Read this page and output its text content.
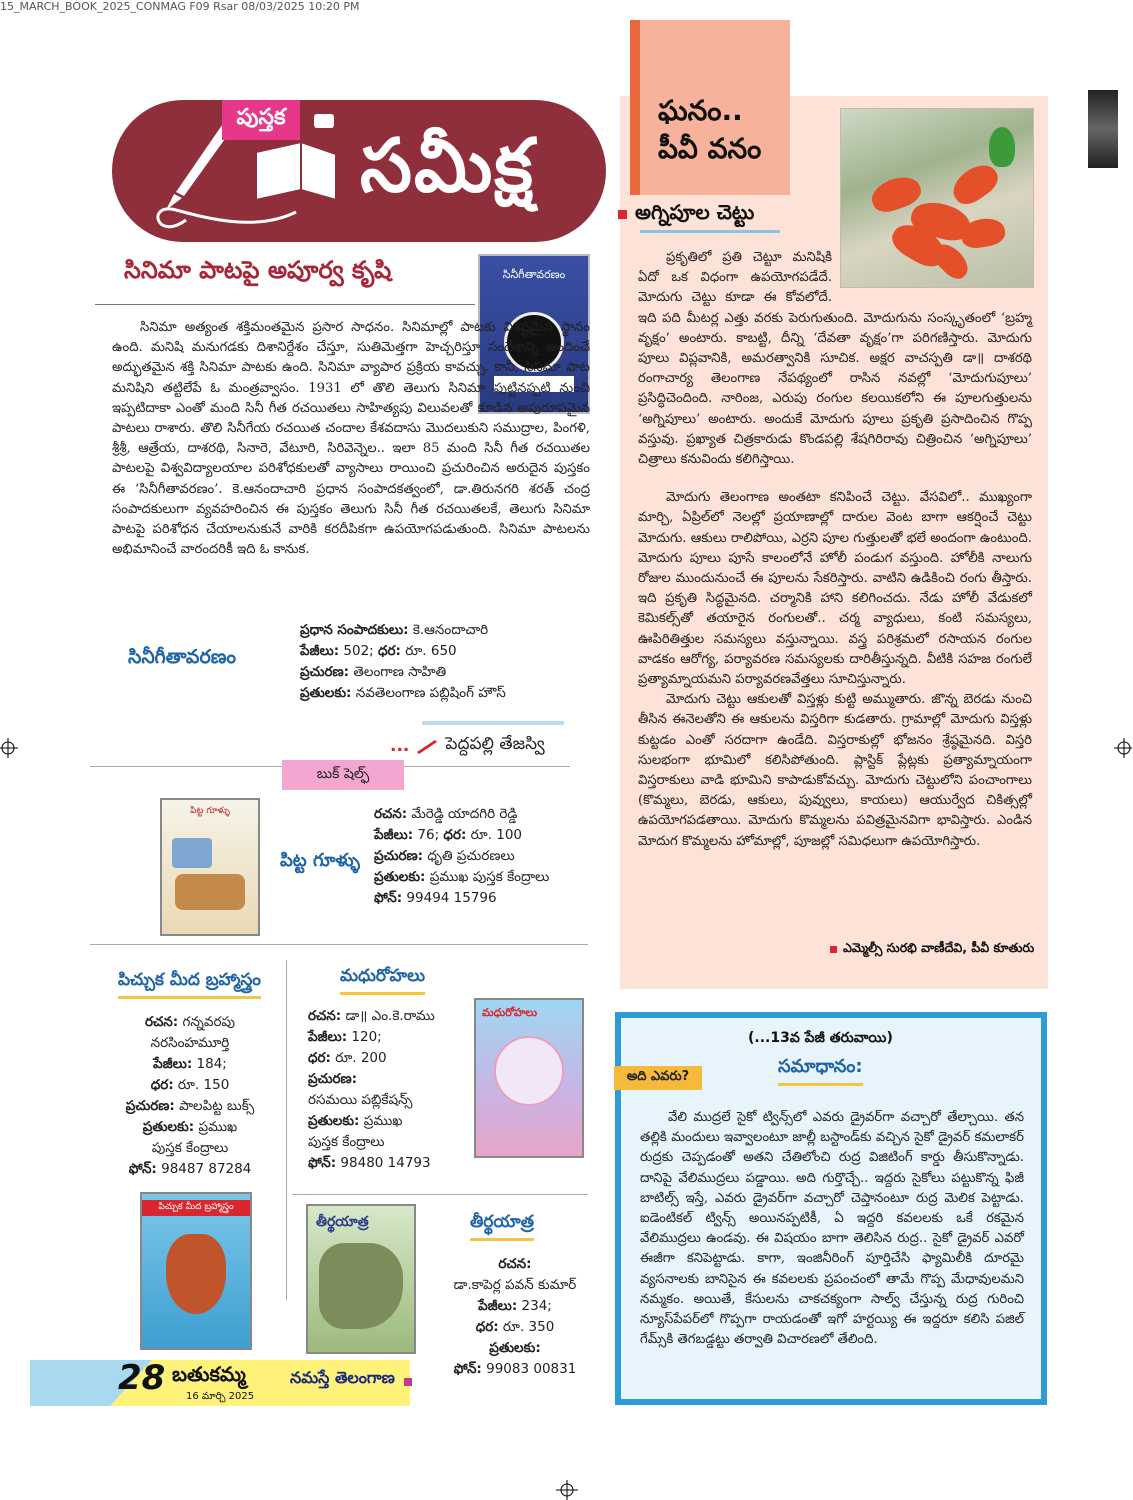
15_MARCH_BOOK_2025_CONMAG F09 Rsar 08/03/2025 10:20 PM
పుస్తక
సమీక్ష
సినిమా పాటపై అపూర్వ కృషి	సినీగీతావరణం

సినిమా అత్యంత శక్తిమంతమైన ప్రసార సాధనం. సినిమాల్లో పాటకు విశిష్టమైన స్థానం ఉంది. మనిషి మనుగడకు దిశానిర్దేశం చేస్తూ, సుతిమెత్తగా హెచ్చరిస్తూ సందేశాన్ని అందించే అద్భుతమైన శక్తి సినిమా పాటకు ఉంది. సినిమా వ్యాపార ప్రక్రియ కావచ్చు. కానీ, సినిమా పాట మనిషిని తట్టిలేపే ఓ మంత్రవ్వాసం. 1931 లో తొలి తెలుగు సినిమా పుట్టినప్పటి నుంచి ఇప్పటిదాకా ఎంతో మంది సినీ గీత రచయితలు సాహిత్యపు విలువలతో కూడిన అపురూపమైన పాటలు రాశారు. తొలి సినీగేయ రచయిత చందాల కేశవదాసు మొదలుకుని సముద్రాల, పింగళి, శ్రీశ్రీ, ఆత్రేయ, దాశరథి, సినారె, వేటూరి, సిరివెన్నెల.. ఇలా 85 మంది సినీ గీత రచయితల పాటలపై విశ్వవిద్యాలయాల పరిశోధకులతో వ్యాసాలు రాయించి ప్రచురించిన అరుదైన పుస్తకం ఈ ‘సినీగీతావరణం’. కె.ఆనందాచారి ప్రధాన సంపాదకత్వంలో, డా.తిరునగరి శరత్ చంద్ర సంపాదకులుగా వ్యవహరించిన ఈ పుస్తకం తెలుగు సినీ గీత రచయితలకే, తెలుగు సినిమా పాటపై పరిశోధన చేయాలనుకునే వారికి కరదీపికగా ఉపయోగపడుతుంది. సినిమా పాటలను అభిమానించే వారందరికీ ఇది ఓ కానుక.

సినీగీతావరణం
ప్రధాన సంపాదకులు: కె.ఆనందాచారి
పేజీలు: 502; ధర: రూ. 650
ప్రచురణ: తెలంగాణ సాహితి
ప్రతులకు: నవతెలంగాణ పబ్లిషింగ్ హౌస్
... పెద్దపల్లి తేజస్వి
బుక్ షెల్ఫ్
పిట్ట గూళ్ళు
పిట్ట గూళ్ళు
రచన: మేరెడ్డి యాదగిరి రెడ్డి
పేజీలు: 76; ధర: రూ. 100
ప్రచురణ: ధృతి ప్రచురణలు
ప్రతులకు: ప్రముఖ పుస్తక కేంద్రాలు
ఫోన్: 99494 15796
పిచ్చుక మీద బ్రహ్మాస్త్రం
రచన: గన్నవరపు
నరసింహమూర్తి
పేజీలు: 184;
ధర: రూ. 150
ప్రచురణ: పాలపిట్ట బుక్స్
ప్రతులకు: ప్రముఖ
పుస్తక కేంద్రాలు
ఫోన్: 98487 87284
పిచ్చుక మీద బ్రహ్మాస్త్రం
మధురోహలు
రచన: డా॥ ఎం.కె.రాము
పేజీలు: 120;
ధర: రూ. 200
ప్రచురణ:
రసమయి పబ్లికేషన్స్
ప్రతులకు: ప్రముఖ
పుస్తక కేంద్రాలు
ఫోన్: 98480 14793
మధురోహలు
తీర్థయాత్ర	తీర్థయాత్ర
రచన:
డా.కాపెర్ల పవన్ కుమార్
పేజీలు: 234;
ధర: రూ. 350
ప్రతులకు:
ఫోన్: 99083 00831
28 బతుకమ్మ
16 మార్చి 2025
నమస్తే తెలంగాణ
ఘనం..
పీవీ వనం
అగ్నిపూల చెట్టు

ప్రకృతిలో ప్రతి చెట్టూ మనిషికి ఏదో ఒక విధంగా ఉపయోగపడేదే. మోదుగు చెట్టు కూడా ఈ కోవలోదే. ఇది పది మీటర్ల ఎత్తు వరకు పెరుగుతుంది. మోదుగును సంస్కృతంలో ‘బ్రహ్మ వృక్షం’ అంటారు. కాబట్టి, దీన్ని ‘దేవతా వృక్షం’గా పరిగణిస్తారు. మోదుగు పూలు విప్లవానికి, అమరత్వానికి సూచిక. అక్షర వాచస్పతి డా॥ దాశరథి రంగాచార్య తెలంగాణ నేపథ్యంలో రాసిన నవల్లో ‘మోదుగుపూలు’ ప్రసిద్ధిచెందింది. నారింజ, ఎరుపు రంగుల కలయికలోని ఈ పూలగుత్తులను ‘అగ్నిపూలు’ అంటారు. అందుకే మోదుగు పూలు ప్రకృతి ప్రసాదించిన గొప్ప వస్తువు. ప్రఖ్యాత చిత్రకారుడు కొండపల్లి శేషగిరిరావు చిత్రించిన ‘అగ్నిపూలు’ చిత్రాలు కనువిందు కలిగిస్తాయి.

మోదుగు తెలంగాణ అంతటా కనిపించే చెట్టు. వేసవిలో.. ముఖ్యంగా మార్చి, ఏప్రిల్‌లో నెలల్లో ప్రయాణాల్లో దారుల వెంట బాగా ఆకర్షించే చెట్టు మోదుగు. ఆకులు రాలిపోయి, ఎర్రని పూల గుత్తులతో భలే అందంగా ఉంటుంది. మోదుగు పూలు పూసే కాలంలోనే హోలీ పండుగ వస్తుంది. హోలీకి నాలుగు రోజుల ముందునుంచే ఈ పూలను సేకరిస్తారు. వాటిని ఉడికించి రంగు తీస్తారు. ఇది ప్రకృతి సిద్ధమైనది. చర్మానికి హాని కలిగించదు. నేడు హోలీ వేడుకలో కెమికల్స్‌తో తయారైన రంగులతో.. చర్మ వ్యాధులు, కంటి సమస్యలు, ఊపిరితిత్తుల సమస్యలు వస్తున్నాయి. వస్త్ర పరిశ్రమలో రసాయన రంగుల వాడకం ఆరోగ్య, పర్యావరణ సమస్యలకు దారితీస్తున్నది. వీటికి సహజ రంగులే ప్రత్యామ్నాయమని పర్యావరణవేత్తలు సూచిస్తున్నారు.

మోదుగు చెట్టు ఆకులతో విస్తళ్లు కుట్టి అమ్ముతారు. జొన్న బెరడు నుంచి తీసిన ఈనెలతోని ఈ ఆకులను విస్తరిగా కుడతారు. గ్రామాల్లో మోదుగు విస్తళ్లు కుట్టడం ఎంతో సరదాగా ఉండేది. విస్తరాకుల్లో భోజనం శ్రేష్ఠమైనది. విస్తరి సులభంగా భూమిలో కలిసిపోతుంది. ప్లాస్టిక్ ప్లేట్లకు ప్రత్యామ్నాయంగా విస్తరాకులు వాడి భూమిని కాపాడుకోవచ్చు. మోదుగు చెట్టులోని పంచాంగాలు (కొమ్మలు, బెరడు, ఆకులు, పువ్వులు, కాయలు) ఆయుర్వేద చికిత్సల్లో ఉపయోగపడతాయి. మోదుగు కొమ్మలను పవిత్రమైనవిగా భావిస్తారు. ఎండిన మోదుగ కొమ్మలను హోమాల్లో, పూజల్లో సమిధలుగా ఉపయోగిస్తారు.

ఎమ్మెల్సీ సురభి వాణీదేవి, పీవీ కూతురు
(...13వ పేజీ తరువాయి)
అది ఎవరు?	సమాధానం:

వేలి ముద్రలే సైకో ట్విన్స్‌లో ఎవరు డ్రైవర్‌గా వచ్చారో తేల్చాయి. తన తల్లికి మందులు ఇవ్వాలంటూ జాల్లీ బస్టాండ్‌కు వచ్చిన సైకో డ్రైవర్ కమలాకర్ రుద్రకు చెప్పడంతో అతని చేతిలోంచి రుద్ర విజిటింగ్ కార్డు తీసుకొన్నాడు. దానిపై వేలిముద్రలు పడ్డాయి. అది గుర్తొచ్చే.. ఇద్దరు సైకోలు పట్టుకొన్న ఫిజీ బాటిల్స్ ఇస్తే, ఎవరు డ్రైవర్‌గా వచ్చారో చెప్తానంటూ రుద్ర మెలిక పెట్టాడు. ఐడెంటికల్ ట్విన్స్ అయినప్పటికీ, ఏ ఇద్దరి కవలలకు ఒకే రకమైన వేలిముద్రలు ఉండవు. ఈ విషయం బాగా తెలిసిన రుద్ర.. సైకో డ్రైవర్ ఎవరో ఈజీగా కనిపెట్టాడు. కాగా, ఇంజినీరింగ్ పూర్తిచేసి ఫ్యామిలీకి దూరమై వ్యసనాలకు బానిసైన ఈ కవలలకు ప్రపంచంలో తామే గొప్ప మేధావులమని నమ్మకం. అయితే, కేసులను చాకచక్యంగా సాల్వ్ చేస్తున్న రుద్ర గురించి న్యూస్‌పేపర్‌లో గొప్పగా రాయడంతో ఇగో హర్టయ్యి ఈ ఇద్దరూ కలిసి పజిల్ గేమ్స్‌కి తెగబడ్డట్టు తర్వాతి విచారణలో తేలింది.
